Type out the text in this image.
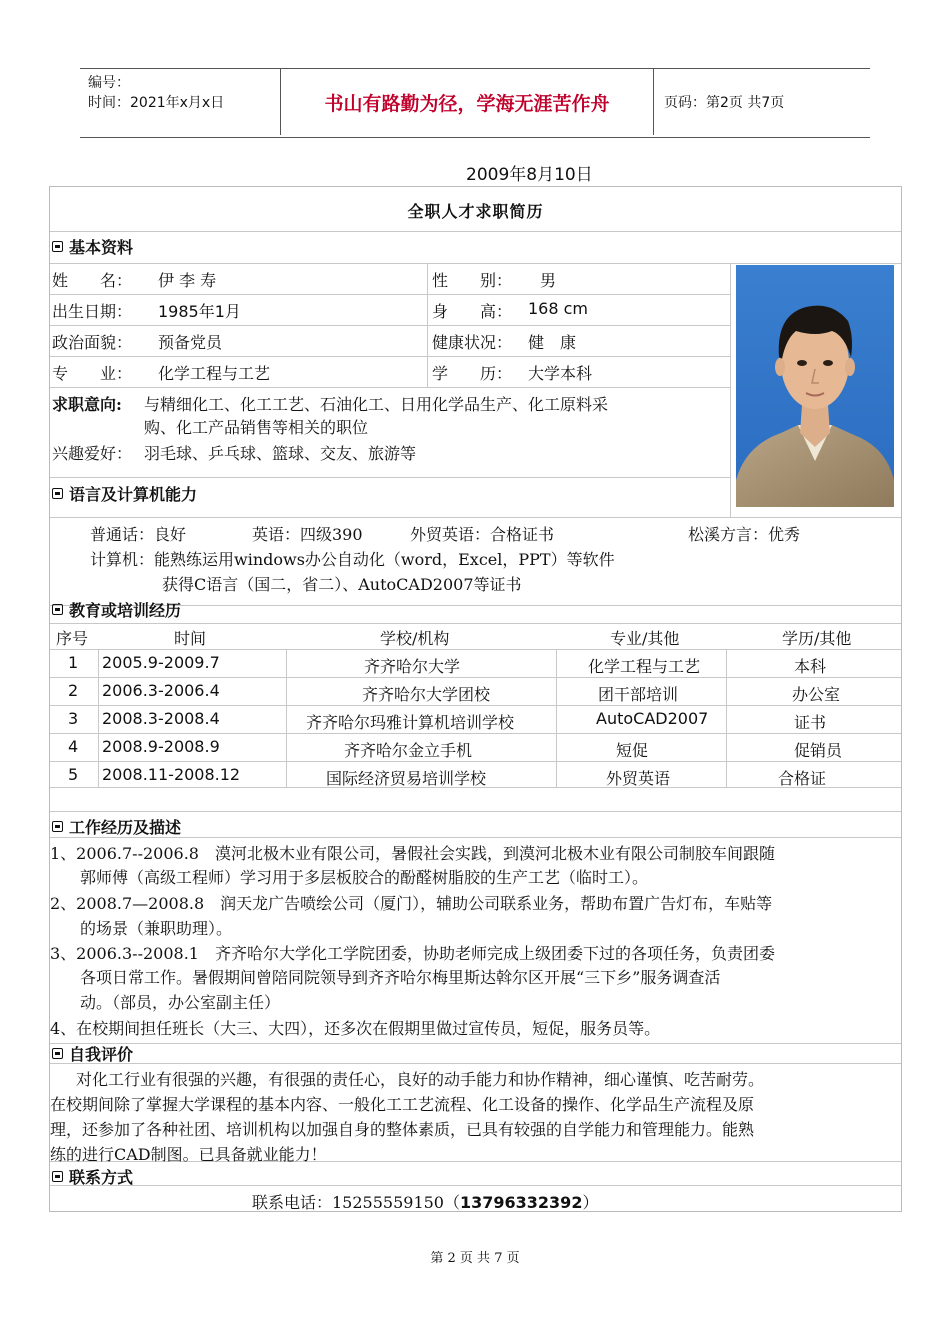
编号：
时间：2021年x月x日	书山有路勤为径，学海无涯苦作舟	页码：第2页 共7页
2009年8月10日
全职人才求职简历
基本资料
姓　　名： 伊 李 寿	性　　别： 男
出生日期： 1985年1月	身　　高： 168 cm
政治面貌： 预备党员	健康状况： 健　康
专　　业： 化学工程与工艺	学　　历： 大学本科
求职意向: 与精细化工、化工工艺、石油化工、日用化学品生产、化工原料采
购、化工产品销售等相关的职位
兴趣爱好： 羽毛球、乒乓球、篮球、交友、旅游等
语言及计算机能力
普通话：良好	英语：四级390	外贸英语：合格证书	松溪方言：优秀
计算机：能熟练运用windows办公自动化（word，Excel，PPT）等软件
获得C语言（国二，省二）、AutoCAD2007等证书
教育或培训经历
序号	时间	学校/机构	专业/其他	学历/其他
1 2005.9-2009.7	齐齐哈尔大学	化学工程与工艺	本科
2 2006.3-2006.4	齐齐哈尔大学团校	团干部培训	办公室
3 2008.3-2008.4	齐齐哈尔玛雅计算机培训学校	AutoCAD2007	证书
4 2008.9-2008.9	齐齐哈尔金立手机	短促	促销员
5 2008.11-2008.12	国际经济贸易培训学校	外贸英语	合格证
工作经历及描述
1、2006.7--2006.8　漠河北极木业有限公司，暑假社会实践，到漠河北极木业有限公司制胶车间跟随
郭师傅（高级工程师）学习用于多层板胶合的酚醛树脂胶的生产工艺（临时工）。
2、2008.7—2008.8　润天龙广告喷绘公司（厦门），辅助公司联系业务，帮助布置广告灯布，车贴等
的场景（兼职助理）。
3、2006.3--2008.1　齐齐哈尔大学化工学院团委，协助老师完成上级团委下过的各项任务，负责团委
各项日常工作。暑假期间曾陪同院领导到齐齐哈尔梅里斯达斡尔区开展“三下乡”服务调查活
动。（部员，办公室副主任）
4、在校期间担任班长（大三、大四），还多次在假期里做过宣传员，短促，服务员等。
自我评价
对化工行业有很强的兴趣，有很强的责任心，良好的动手能力和协作精神，细心谨慎、吃苦耐劳。
在校期间除了掌握大学课程的基本内容、一般化工工艺流程、化工设备的操作、化学品生产流程及原
理，还参加了各种社团、培训机构以加强自身的整体素质，已具有较强的自学能力和管理能力。能熟
练的进行CAD制图。已具备就业能力！
联系方式
联系电话：15255559150（13796332392）
第 2 页 共 7 页
